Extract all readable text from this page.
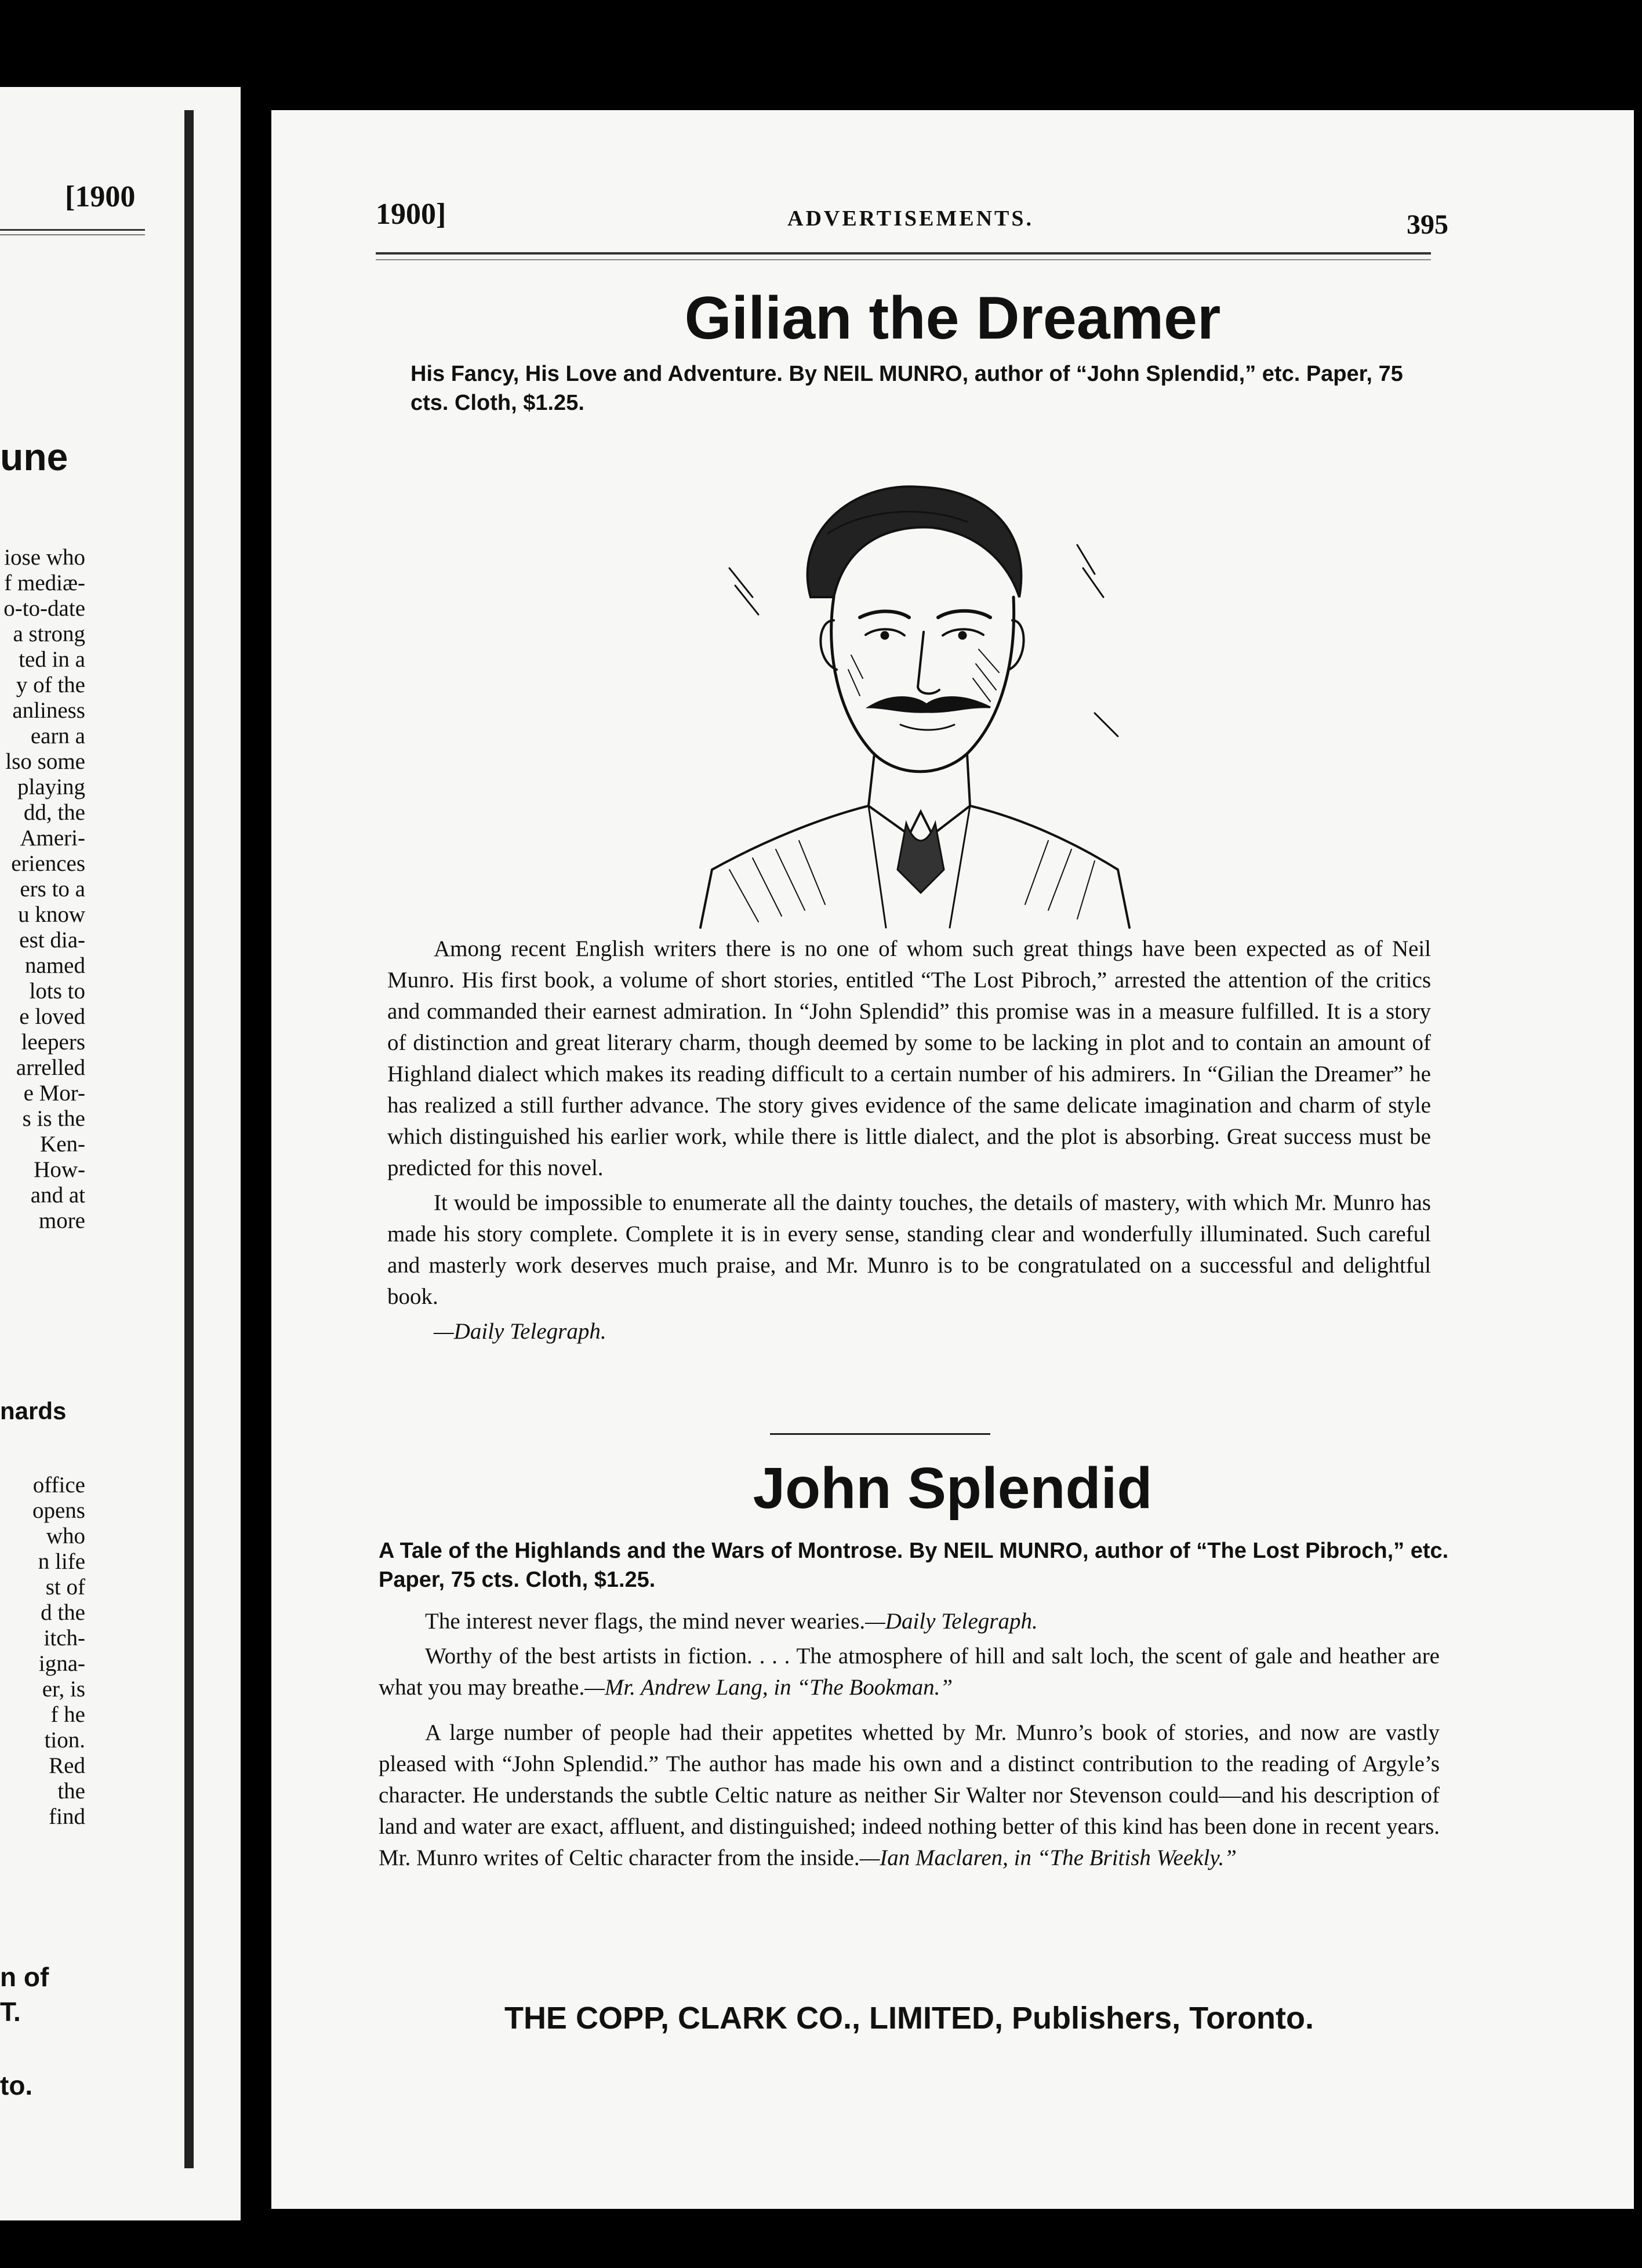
[1900
une
iose who
f mediæ-
o-to-date
a strong
ted in a
y of the
anliness
earn a
lso some
playing
dd, the
Ameri-
eriences
ers to a
u know
est dia-
named
lots to
e loved
leepers
arrelled
e Mor-
s is the
Ken-
How-
and at
more
nards
office
opens
who
n life
st of
d the
itch-
igna-
er, is
f he
tion.
Red
the
find
n of
T.
to.
1900]	ADVERTISEMENTS.	395
Gilian the Dreamer
His Fancy, His Love and Adventure. By NEIL MUNRO, author of “John Splendid,” etc. Paper, 75 cts. Cloth, $1.25.

Among recent English writers there is no one of whom such great things have been expected as of Neil Munro. His first book, a volume of short stories, entitled “The Lost Pibroch,” arrested the attention of the critics and commanded their earnest admiration. In “John Splendid” this promise was in a measure fulfilled. It is a story of distinction and great literary charm, though deemed by some to be lacking in plot and to contain an amount of Highland dialect which makes its reading difficult to a certain number of his admirers. In “Gilian the Dreamer” he has realized a still further advance. The story gives evidence of the same delicate imagination and charm of style which distinguished his earlier work, while there is little dialect, and the plot is absorbing. Great success must be predicted for this novel.

It would be impossible to enumerate all the dainty touches, the details of mastery, with which Mr. Munro has made his story complete. Complete it is in every sense, standing clear and wonderfully illuminated. Such careful and masterly work deserves much praise, and Mr. Munro is to be congratulated on a successful and delightful book.

—Daily Telegraph.

John Splendid
A Tale of the Highlands and the Wars of Montrose. By NEIL MUNRO, author of “The Lost Pibroch,” etc. Paper, 75 cts. Cloth, $1.25.

The interest never flags, the mind never wearies.—Daily Telegraph.

Worthy of the best artists in fiction. . . . The atmosphere of hill and salt loch, the scent of gale and heather are what you may breathe.—Mr. Andrew Lang, in “The Bookman.”

A large number of people had their appetites whetted by Mr. Munro’s book of stories, and now are vastly pleased with “John Splendid.” The author has made his own and a distinct contribution to the reading of Argyle’s character. He understands the subtle Celtic nature as neither Sir Walter nor Stevenson could—and his description of land and water are exact, affluent, and distinguished; indeed nothing better of this kind has been done in recent years. Mr. Munro writes of Celtic character from the inside.—Ian Maclaren, in “The British Weekly.”

THE COPP, CLARK CO., LIMITED, Publishers, Toronto.
